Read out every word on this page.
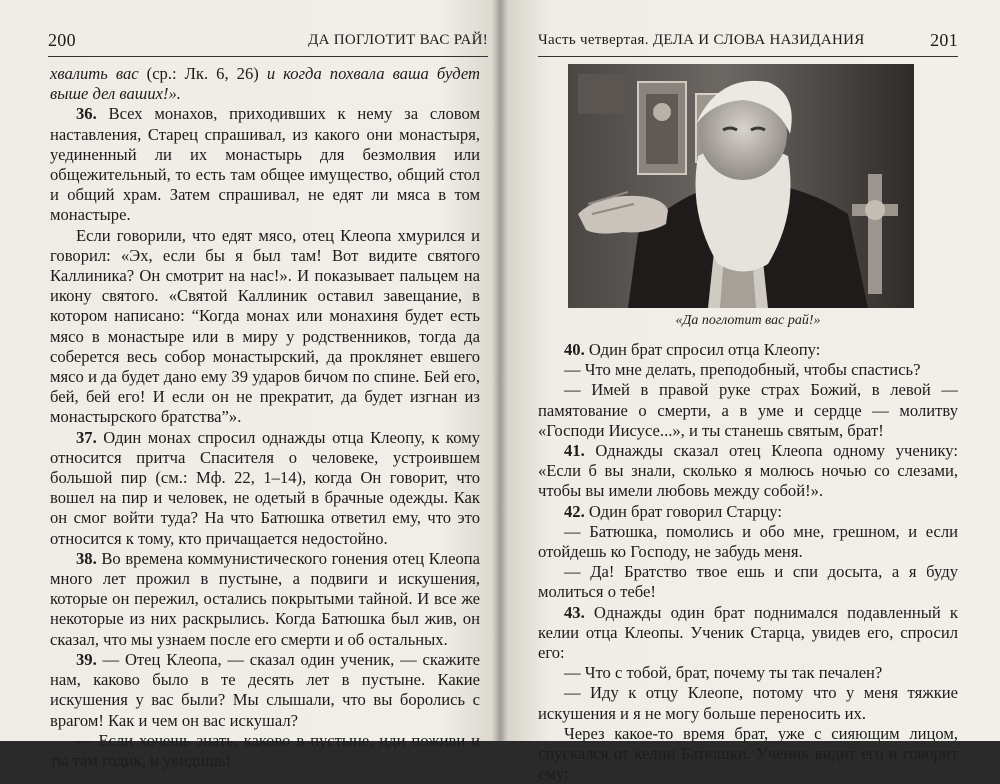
200	ДА ПОГЛОТИТ ВАС РАЙ!

хвалить вас (ср.: Лк. 6, 26) и когда похвала ваша будет выше дел ваших!».

36. Всех монахов, приходивших к нему за словом наставления, Старец спрашивал, из какого они монастыря, уединенный ли их монастырь для безмолвия или общежительный, то есть там общее имущество, общий стол и общий храм. Затем спрашивал, не едят ли мяса в том монастыре.

Если говорили, что едят мясо, отец Клеопа хмурился и говорил: «Эх, если бы я был там! Вот видите святого Каллиника? Он смотрит на нас!». И показывает пальцем на икону святого. «Святой Каллиник оставил завещание, в котором написано: “Когда монах или монахиня будет есть мясо в монастыре или в миру у родственников, тогда да соберется весь собор монастырский, да проклянет евшего мясо и да будет дано ему 39 ударов бичом по спине. Бей его, бей, бей его! И если он не прекратит, да будет изгнан из монастырского братства”».

37. Один монах спросил однажды отца Клеопу, к кому относится притча Спасителя о человеке, устроившем большой пир (см.: Мф. 22, 1–14), когда Он говорит, что вошел на пир и человек, не одетый в брачные одежды. Как он смог войти туда? На что Батюшка ответил ему, что это относится к тому, кто причащается недостойно.

38. Во времена коммунистического гонения отец Клеопа много лет прожил в пустыне, а подвиги и искушения, которые он пережил, остались покрытыми тайной. И все же некоторые из них раскрылись. Когда Батюшка был жив, он сказал, что мы узнаем после его смерти и об остальных.

39. — Отец Клеопа, — сказал один ученик, — скажите нам, каково было в те десять лет в пустыне. Какие искушения у вас были? Мы слышали, что вы боролись с врагом! Как и чем он вас искушал?

— Если хочешь знать, каково в пустыне, иди поживи и ты там годик, и увидишь!

Часть четвертая. ДЕЛА И СЛОВА НАЗИДАНИЯ	201
«Да поглотит вас рай!»

40. Один брат спросил отца Клеопу:

— Что мне делать, преподобный, чтобы спастись?

— Имей в правой руке страх Божий, в левой — памятование о смерти, а в уме и сердце — молитву «Господи Иисусе...», и ты станешь святым, брат!

41. Однажды сказал отец Клеопа одному ученику: «Если б вы знали, сколько я молюсь ночью со слезами, чтобы вы имели любовь между собой!».

42. Один брат говорил Старцу:

— Батюшка, помолись и обо мне, грешном, и если отойдешь ко Господу, не забудь меня.

— Да! Братство твое ешь и спи досыта, а я буду молиться о тебе!

43. Однажды один брат поднимался подавленный к келии отца Клеопы. Ученик Старца, увидев его, спросил его:

— Что с тобой, брат, почему ты так печален?

— Иду к отцу Клеопе, потому что у меня тяжкие искушения и я не могу больше переносить их.

Через какое-то время брат, уже с сияющим лицом, спускался от келии Батюшки. Ученик видит его и говорит ему:
